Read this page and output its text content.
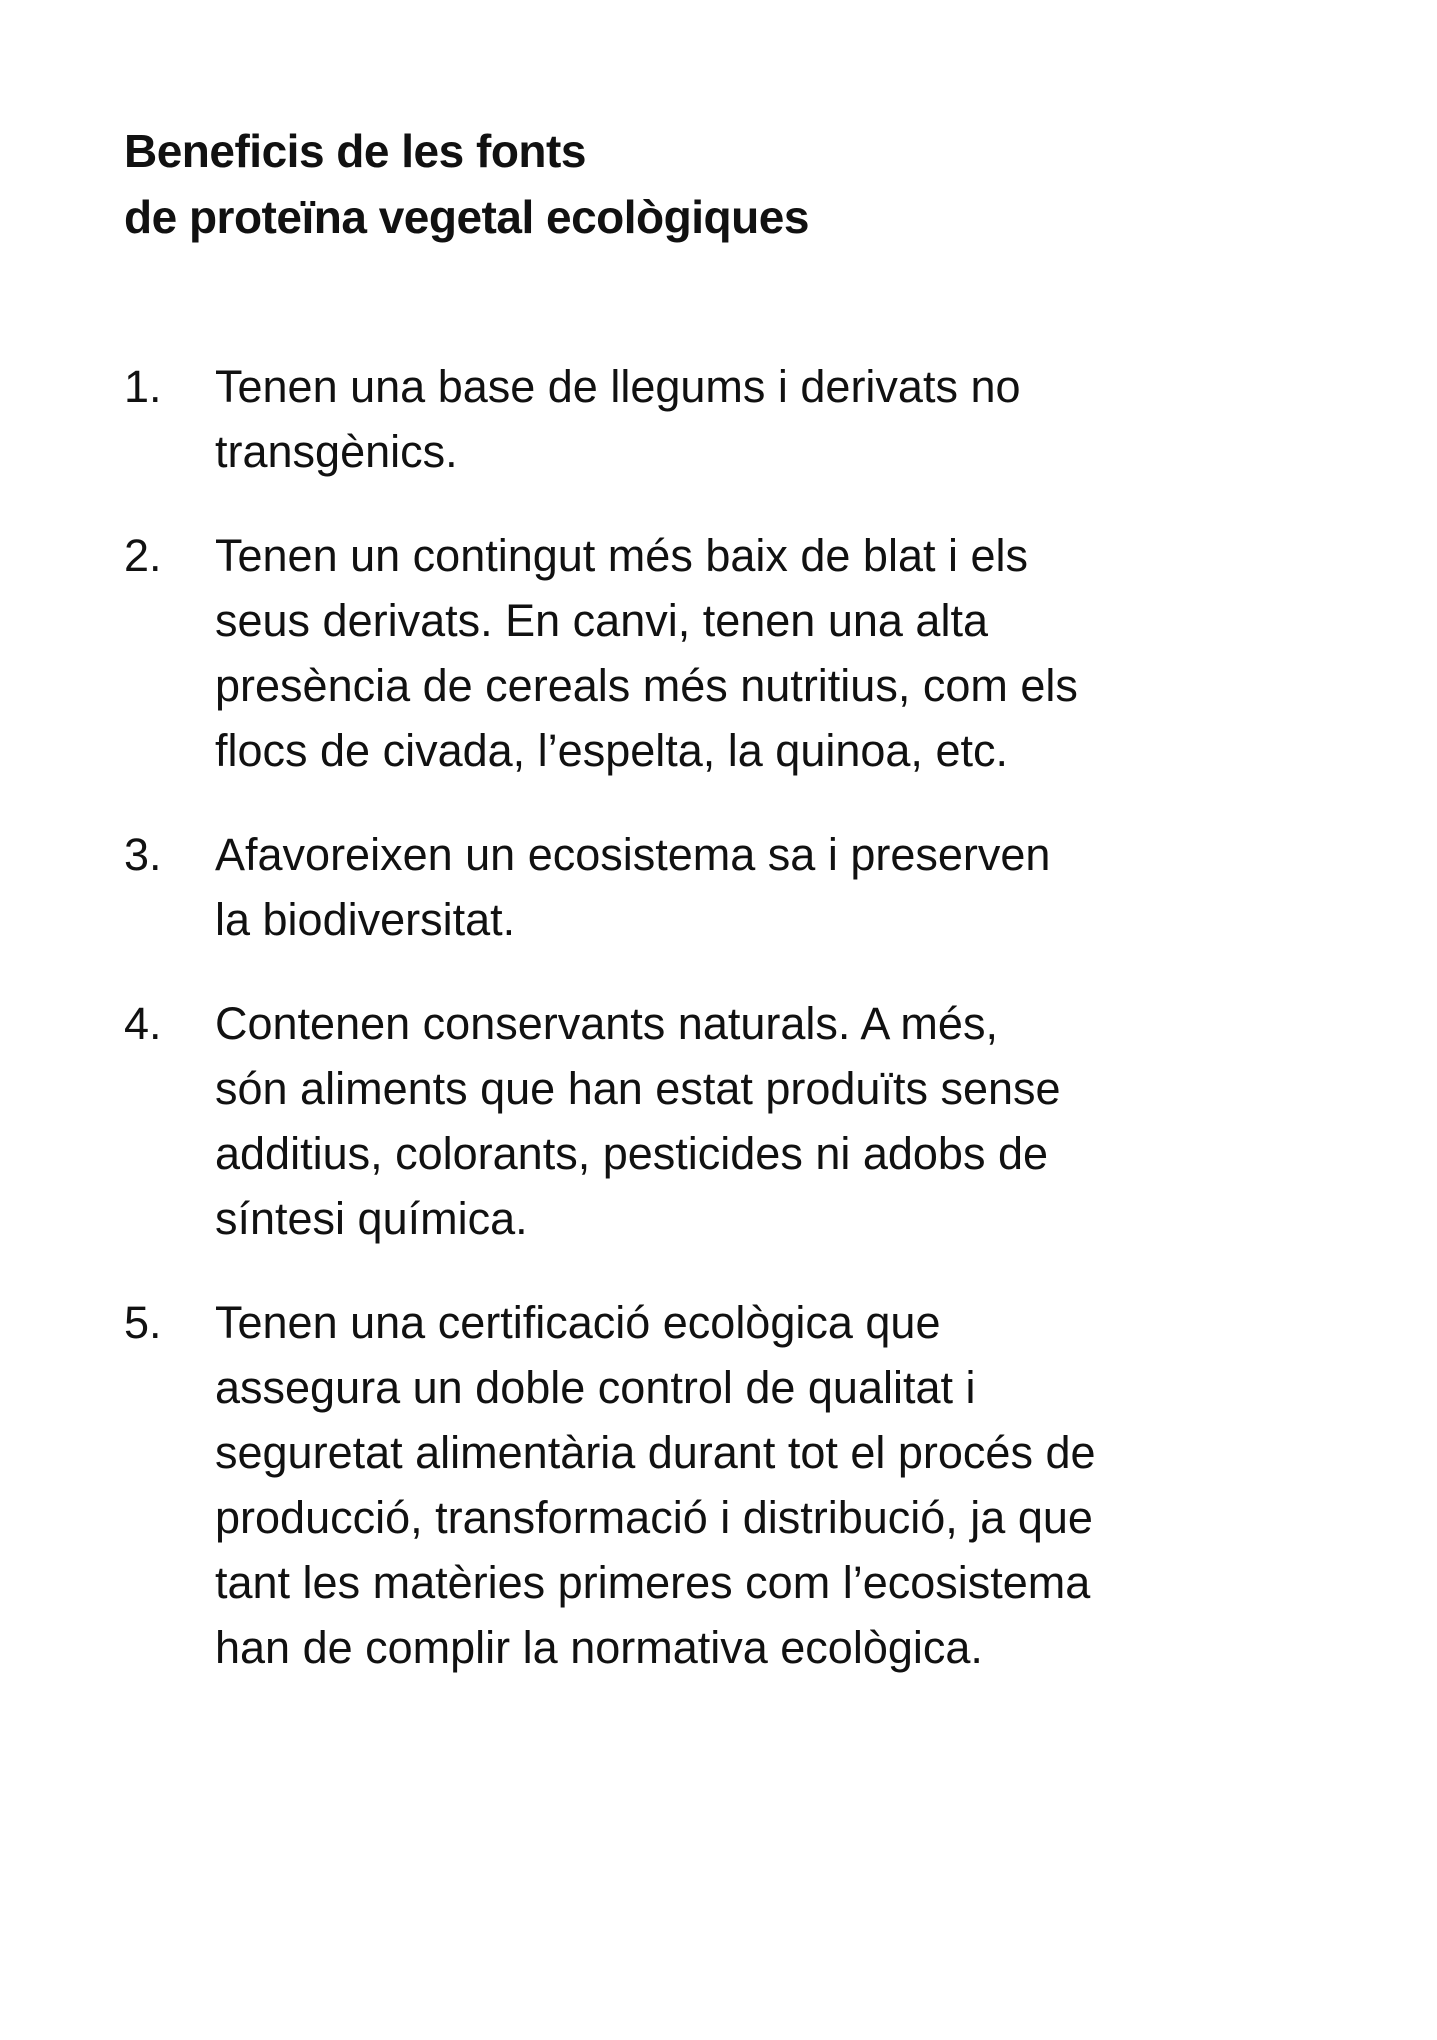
Beneficis de les fonts
de proteïna vegetal ecològiques
1.	Tenen una base de llegums i derivats no
transgènics.
2.	Tenen un contingut més baix de blat i els
seus derivats. En canvi, tenen una alta
presència de cereals més nutritius, com els
flocs de civada, l’espelta, la quinoa, etc.
3.	Afavoreixen un ecosistema sa i preserven
la biodiversitat.
4.	Contenen conservants naturals. A més,
són aliments que han estat produïts sense
additius, colorants, pesticides ni adobs de
síntesi química.
5.	Tenen una certificació ecològica que
assegura un doble control de qualitat i
seguretat alimentària durant tot el procés de
producció, transformació i distribució, ja que
tant les matèries primeres com l’ecosistema
han de complir la normativa ecològica.
